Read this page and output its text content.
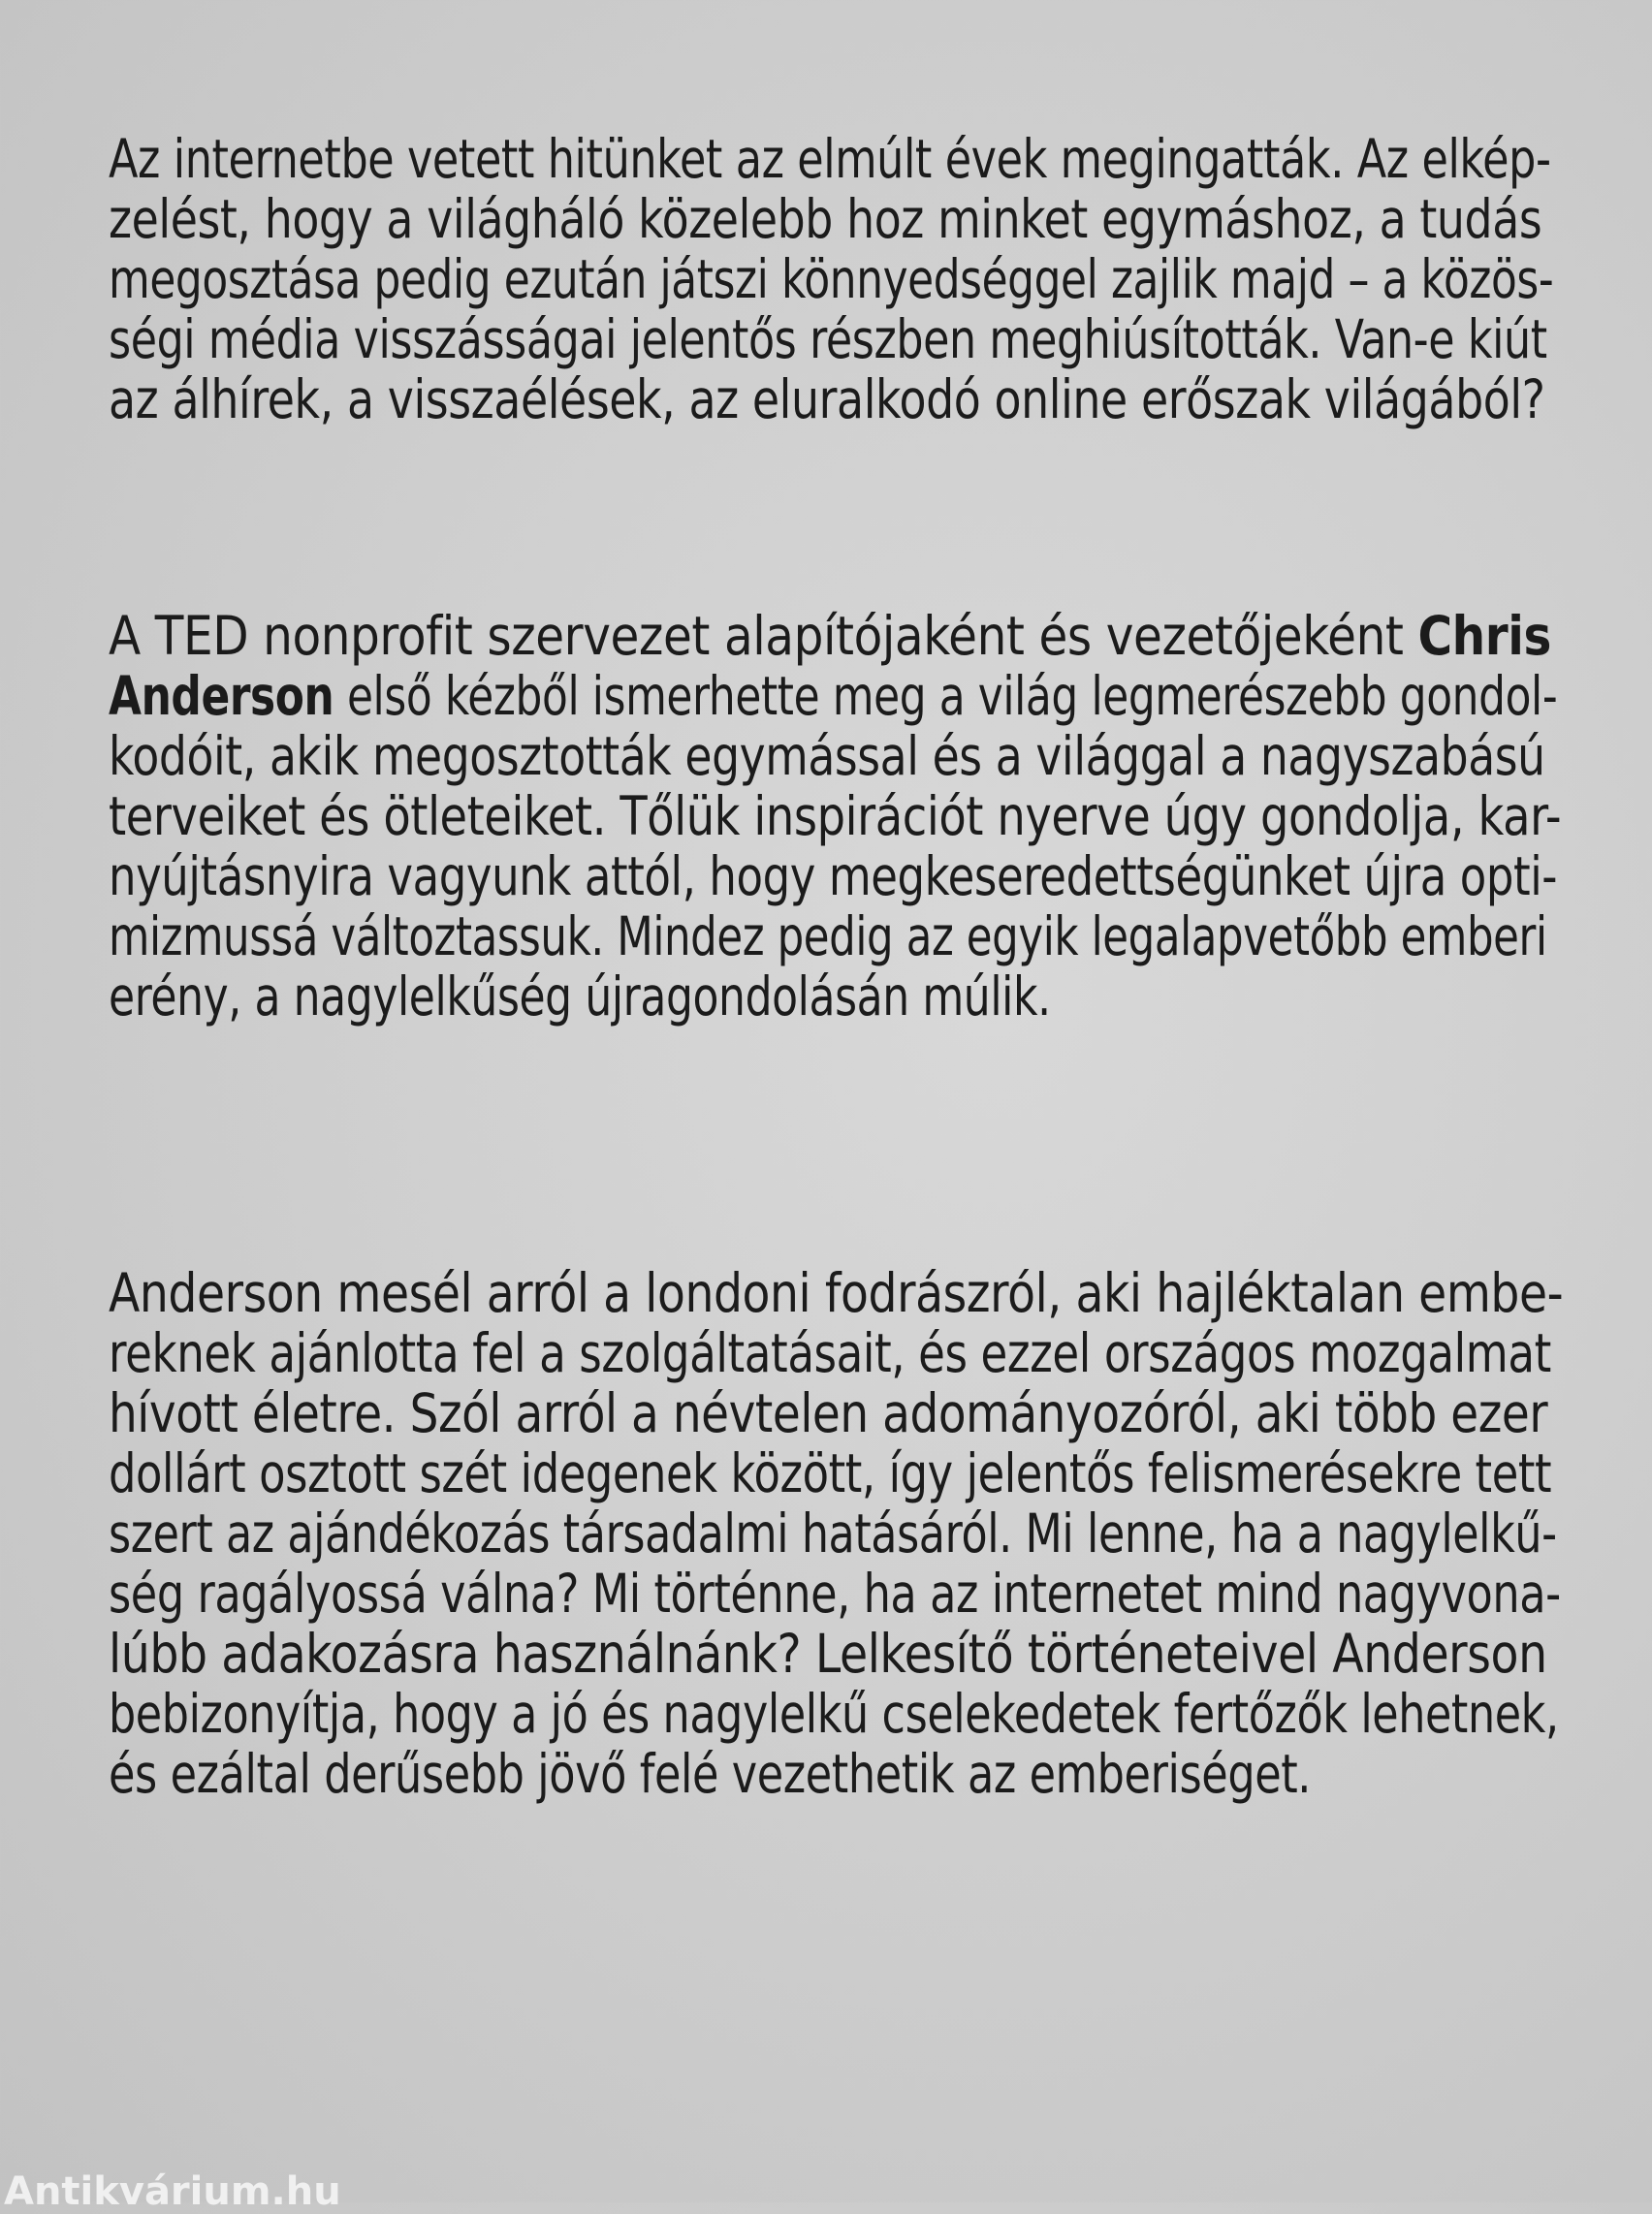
Az internetbe vetett hitünket az elmúlt évek megingatták. Az elkép-
zelést, hogy a világháló közelebb hoz minket egymáshoz, a tudás
megosztása pedig ezután játszi könnyedséggel zajlik majd – a közös-
ségi média visszásságai jelentős részben meghiúsították. Van-e kiút
az álhírek, a visszaélések, az eluralkodó online erőszak világából?
A TED nonprofit szervezet alapítójaként és vezetőjeként Chris
Anderson első kézből ismerhette meg a világ legmerészebb gondol-
kodóit, akik megosztották egymással és a világgal a nagyszabású
terveiket és ötleteiket. Tőlük inspirációt nyerve úgy gondolja, kar-
nyújtásnyira vagyunk attól, hogy megkeseredettségünket újra opti-
mizmussá változtassuk. Mindez pedig az egyik legalapvetőbb emberi
erény, a nagylelkűség újragondolásán múlik.
Anderson mesél arról a londoni fodrászról, aki hajléktalan embe-
reknek ajánlotta fel a szolgáltatásait, és ezzel országos mozgalmat
hívott életre. Szól arról a névtelen adományozóról, aki több ezer
dollárt osztott szét idegenek között, így jelentős felismerésekre tett
szert az ajándékozás társadalmi hatásáról. Mi lenne, ha a nagylelkű-
ség ragályossá válna? Mi történne, ha az internetet mind nagyvona-
lúbb adakozásra használnánk? Lelkesítő történeteivel Anderson
bebizonyítja, hogy a jó és nagylelkű cselekedetek fertőzők lehetnek,
és ezáltal derűsebb jövő felé vezethetik az emberiséget.
Antikvárium.hu
